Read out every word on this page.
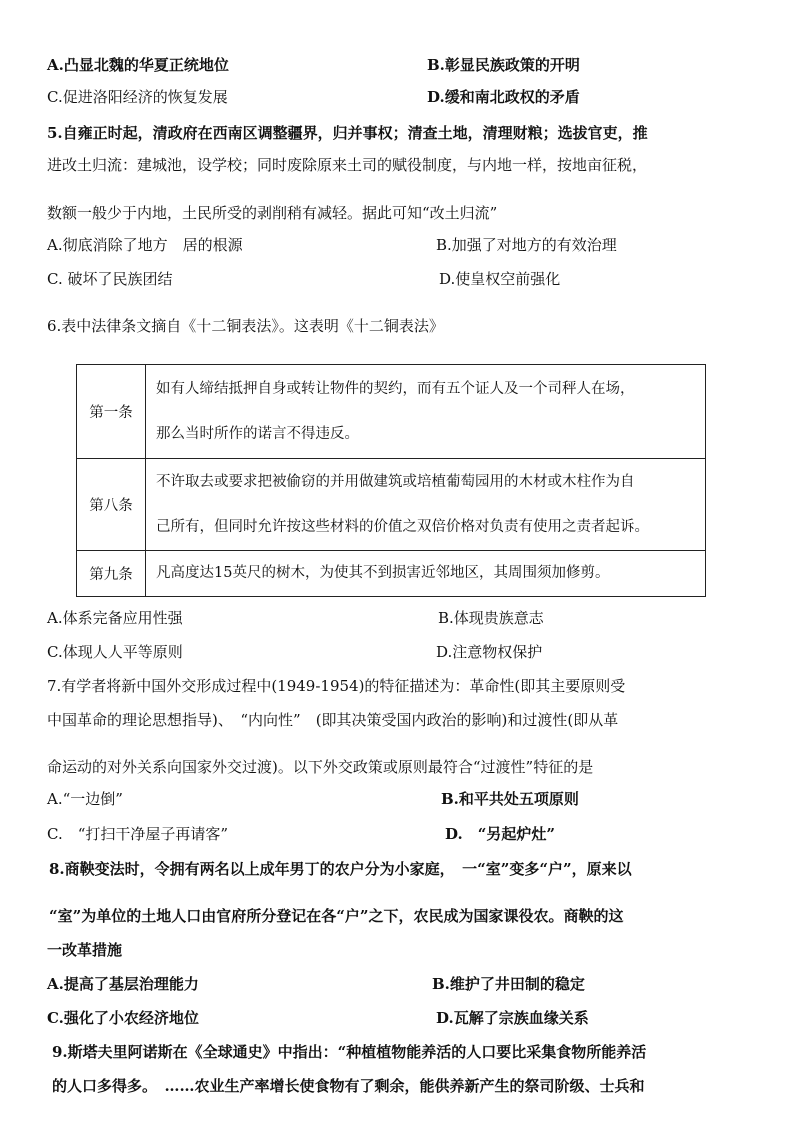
A.凸显北魏的华夏正统地位	B.彰显民族政策的开明
C.促进洛阳经济的恢复发展	D.缓和南北政权的矛盾
5.自雍正时起，清政府在西南区调整疆界，归并事权；清查土地，清理财粮；选拔官吏，推
进改土归流：建城池，设学校；同时废除原来土司的赋役制度，与内地一样，按地亩征税，
数额一般少于内地，土民所受的剥削稍有减轻。据此可知“改土归流”
A.彻底消除了地方　居的根源	B.加强了对地方的有效治理
C. 破坏了民族团结	D.使皇权空前强化
6.表中法律条文摘自《十二铜表法》。这表明《十二铜表法》
第一条	如有人缔结抵押自身或转让物件的契约，而有五个证人及一个司秤人在场，
那么当时所作的诺言不得违反。

第八条	不许取去或要求把被偷窃的并用做建筑或培植葡萄园用的木材或木柱作为自
己所有，但同时允许按这些材料的价值之双倍价格对负责有使用之责者起诉。

第九条	凡高度达15英尺的树木，为使其不到损害近邻地区，其周围须加修剪。
A.体系完备应用性强	B.体现贵族意志
C.体现人人平等原则	D.注意物权保护
7.有学者将新中国外交形成过程中(1949-1954)的特征描述为：革命性(即其主要原则受
中国革命的理论思想指导)、　“内向性”　(即其决策受国内政治的影响)和过渡性(即从革
命运动的对外关系向国家外交过渡)。以下外交政策或原则最符合“过渡性”特征的是
A.“一边倒”	B.和平共处五项原则
C.　“打扫干净屋子再请客”	D.　“另起炉灶”
8.商鞅变法时，令拥有两名以上成年男丁的农户分为小家庭，　一“室”变多“户”，原来以
“室”为单位的土地人口由官府所分登记在各“户”之下，农民成为国家课役农。商鞅的这
一改革措施
A.提高了基层治理能力	B.维护了井田制的稳定
C.强化了小农经济地位	D.瓦解了宗族血缘关系
9.斯塔夫里阿诺斯在《全球通史》中指出：“种植植物能养活的人口要比采集食物所能养活
的人口多得多。　……农业生产率增长使食物有了剩余，能供养新产生的祭司阶级、士兵和
